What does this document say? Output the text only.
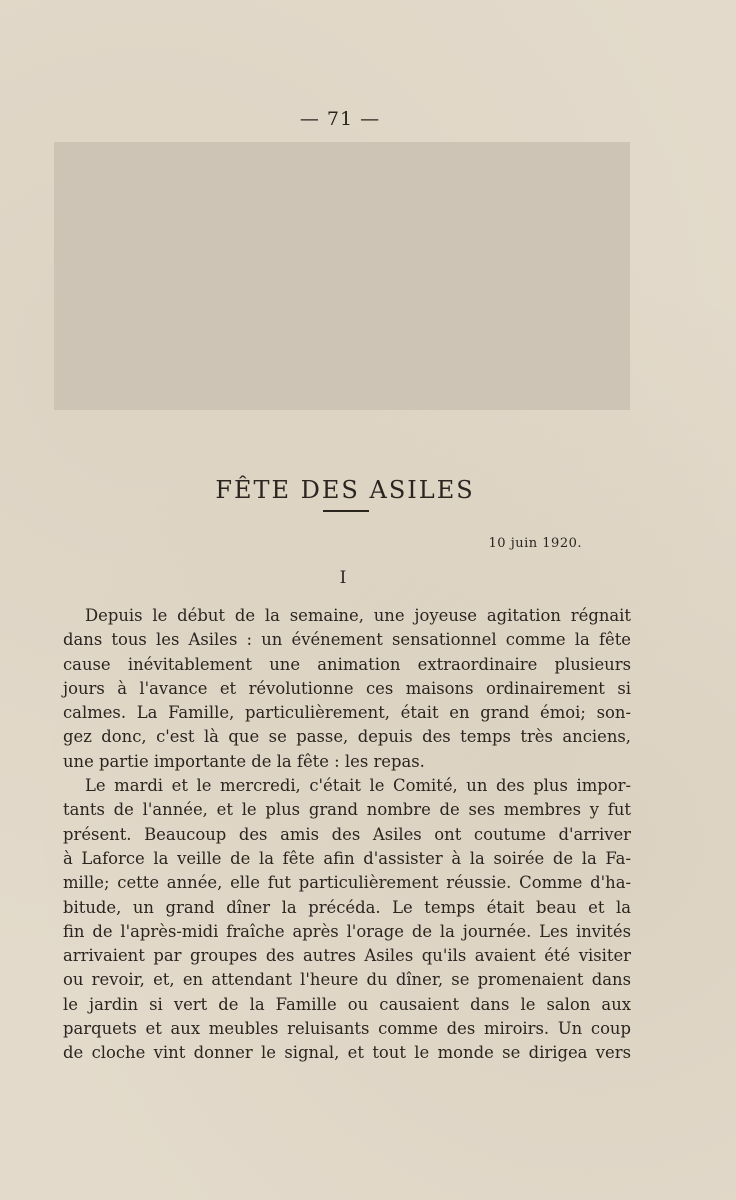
— 71 —
FÊTE DES ASILES
10 juin 1920.
I
Depuis le début de la semaine, une joyeuse agitation régnait
dans tous les Asiles : un événement sensationnel comme la fête
cause inévitablement une animation extraordinaire plusieurs
jours à l'avance et révolutionne ces maisons ordinairement si
calmes. La Famille, particulièrement, était en grand émoi; son-
gez donc, c'est là que se passe, depuis des temps très anciens,
une partie importante de la fête : les repas.
Le mardi et le mercredi, c'était le Comité, un des plus impor-
tants de l'année, et le plus grand nombre de ses membres y fut
présent. Beaucoup des amis des Asiles ont coutume d'arriver
à Laforce la veille de la fête afin d'assister à la soirée de la Fa-
mille; cette année, elle fut particulièrement réussie. Comme d'ha-
bitude, un grand dîner la précéda. Le temps était beau et la
fin de l'après-midi fraîche après l'orage de la journée. Les invités
arrivaient par groupes des autres Asiles qu'ils avaient été visiter
ou revoir, et, en attendant l'heure du dîner, se promenaient dans
le jardin si vert de la Famille ou causaient dans le salon aux
parquets et aux meubles reluisants comme des miroirs. Un coup
de cloche vint donner le signal, et tout le monde se dirigea vers
